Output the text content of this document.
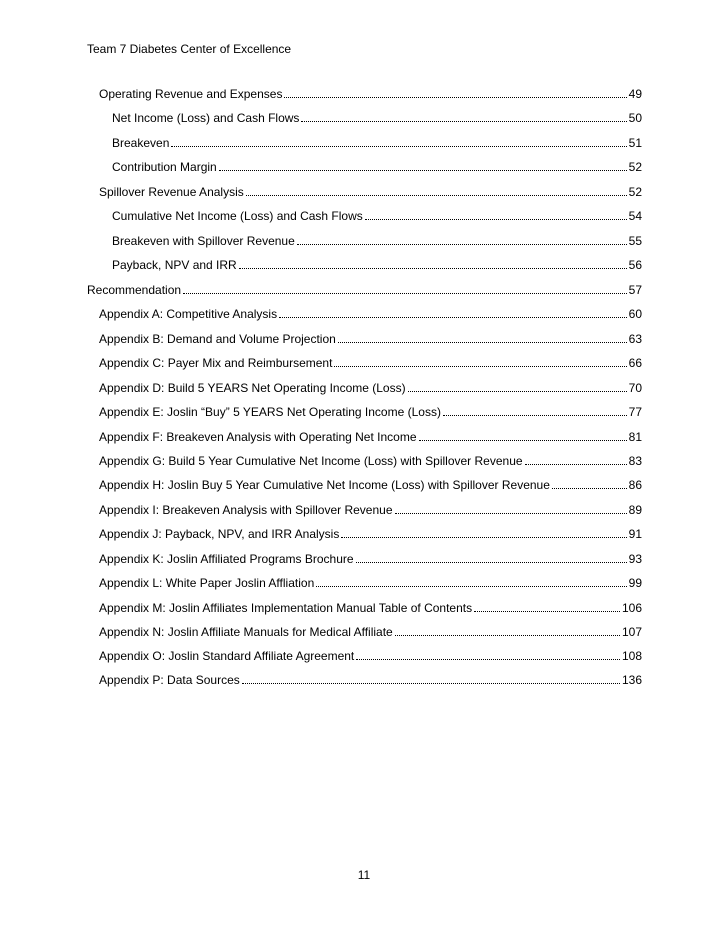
Team 7 Diabetes Center of Excellence
Operating Revenue and Expenses	49
Net Income (Loss) and Cash Flows	50
Breakeven	51
Contribution Margin	52
Spillover Revenue Analysis	52
Cumulative Net Income (Loss) and Cash Flows	54
Breakeven with Spillover Revenue	55
Payback, NPV and IRR	56
Recommendation	57
Appendix A: Competitive Analysis	60
Appendix B: Demand and Volume Projection	63
Appendix C: Payer Mix and Reimbursement	66
Appendix D: Build 5 YEARS Net Operating Income (Loss)	70
Appendix E: Joslin “Buy” 5 YEARS Net Operating Income (Loss)	77
Appendix F: Breakeven Analysis with Operating Net Income	81
Appendix G: Build 5 Year Cumulative Net Income (Loss) with Spillover Revenue	83
Appendix H: Joslin Buy 5 Year Cumulative Net Income (Loss) with Spillover Revenue	86
Appendix I: Breakeven Analysis with Spillover Revenue	89
Appendix J: Payback, NPV, and IRR Analysis	91
Appendix K: Joslin Affiliated Programs Brochure	93
Appendix L: White Paper Joslin Affliation	99
Appendix M: Joslin Affiliates Implementation Manual Table of Contents	106
Appendix N: Joslin Affiliate Manuals for Medical Affiliate	107
Appendix O: Joslin Standard Affiliate Agreement	108
Appendix P: Data Sources	136
11
